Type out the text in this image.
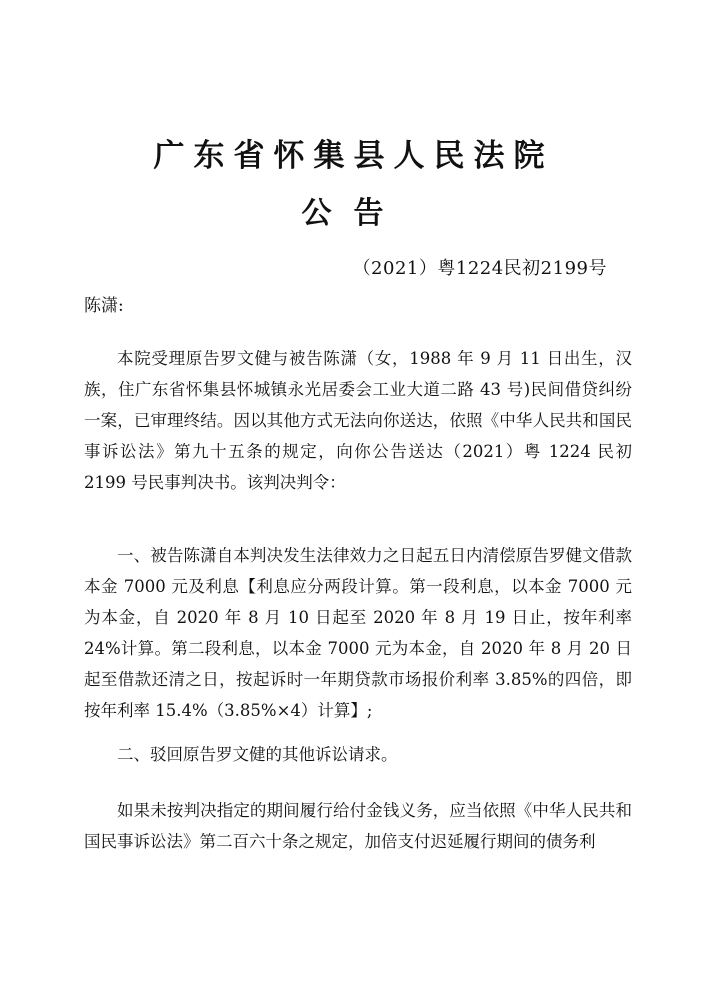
广东省怀集县人民法院
公告
（2021）粤1224民初2199号
陈潇:

本院受理原告罗文健与被告陈潇（女，1988 年 9 月 11 日出生，汉族，住广东省怀集县怀城镇永光居委会工业大道二路 43 号)民间借贷纠纷一案，已审理终结。因以其他方式无法向你送达，依照《中华人民共和国民事诉讼法》第九十五条的规定，向你公告送达（2021）粤 1224 民初 2199 号民事判决书。该判决判令：

一、被告陈潇自本判决发生法律效力之日起五日内清偿原告罗健文借款本金 7000 元及利息【利息应分两段计算。第一段利息，以本金 7000 元为本金，自 2020 年 8 月 10 日起至 2020 年 8 月 19 日止，按年利率 24%计算。第二段利息，以本金 7000 元为本金，自 2020 年 8 月 20 日起至借款还清之日，按起诉时一年期贷款市场报价利率 3.85%的四倍，即按年利率 15.4%（3.85%×4）计算】;

二、驳回原告罗文健的其他诉讼请求。

如果未按判决指定的期间履行给付金钱义务，应当依照《中华人民共和国民事诉讼法》第二百六十条之规定，加倍支付迟延履行期间的债务利
